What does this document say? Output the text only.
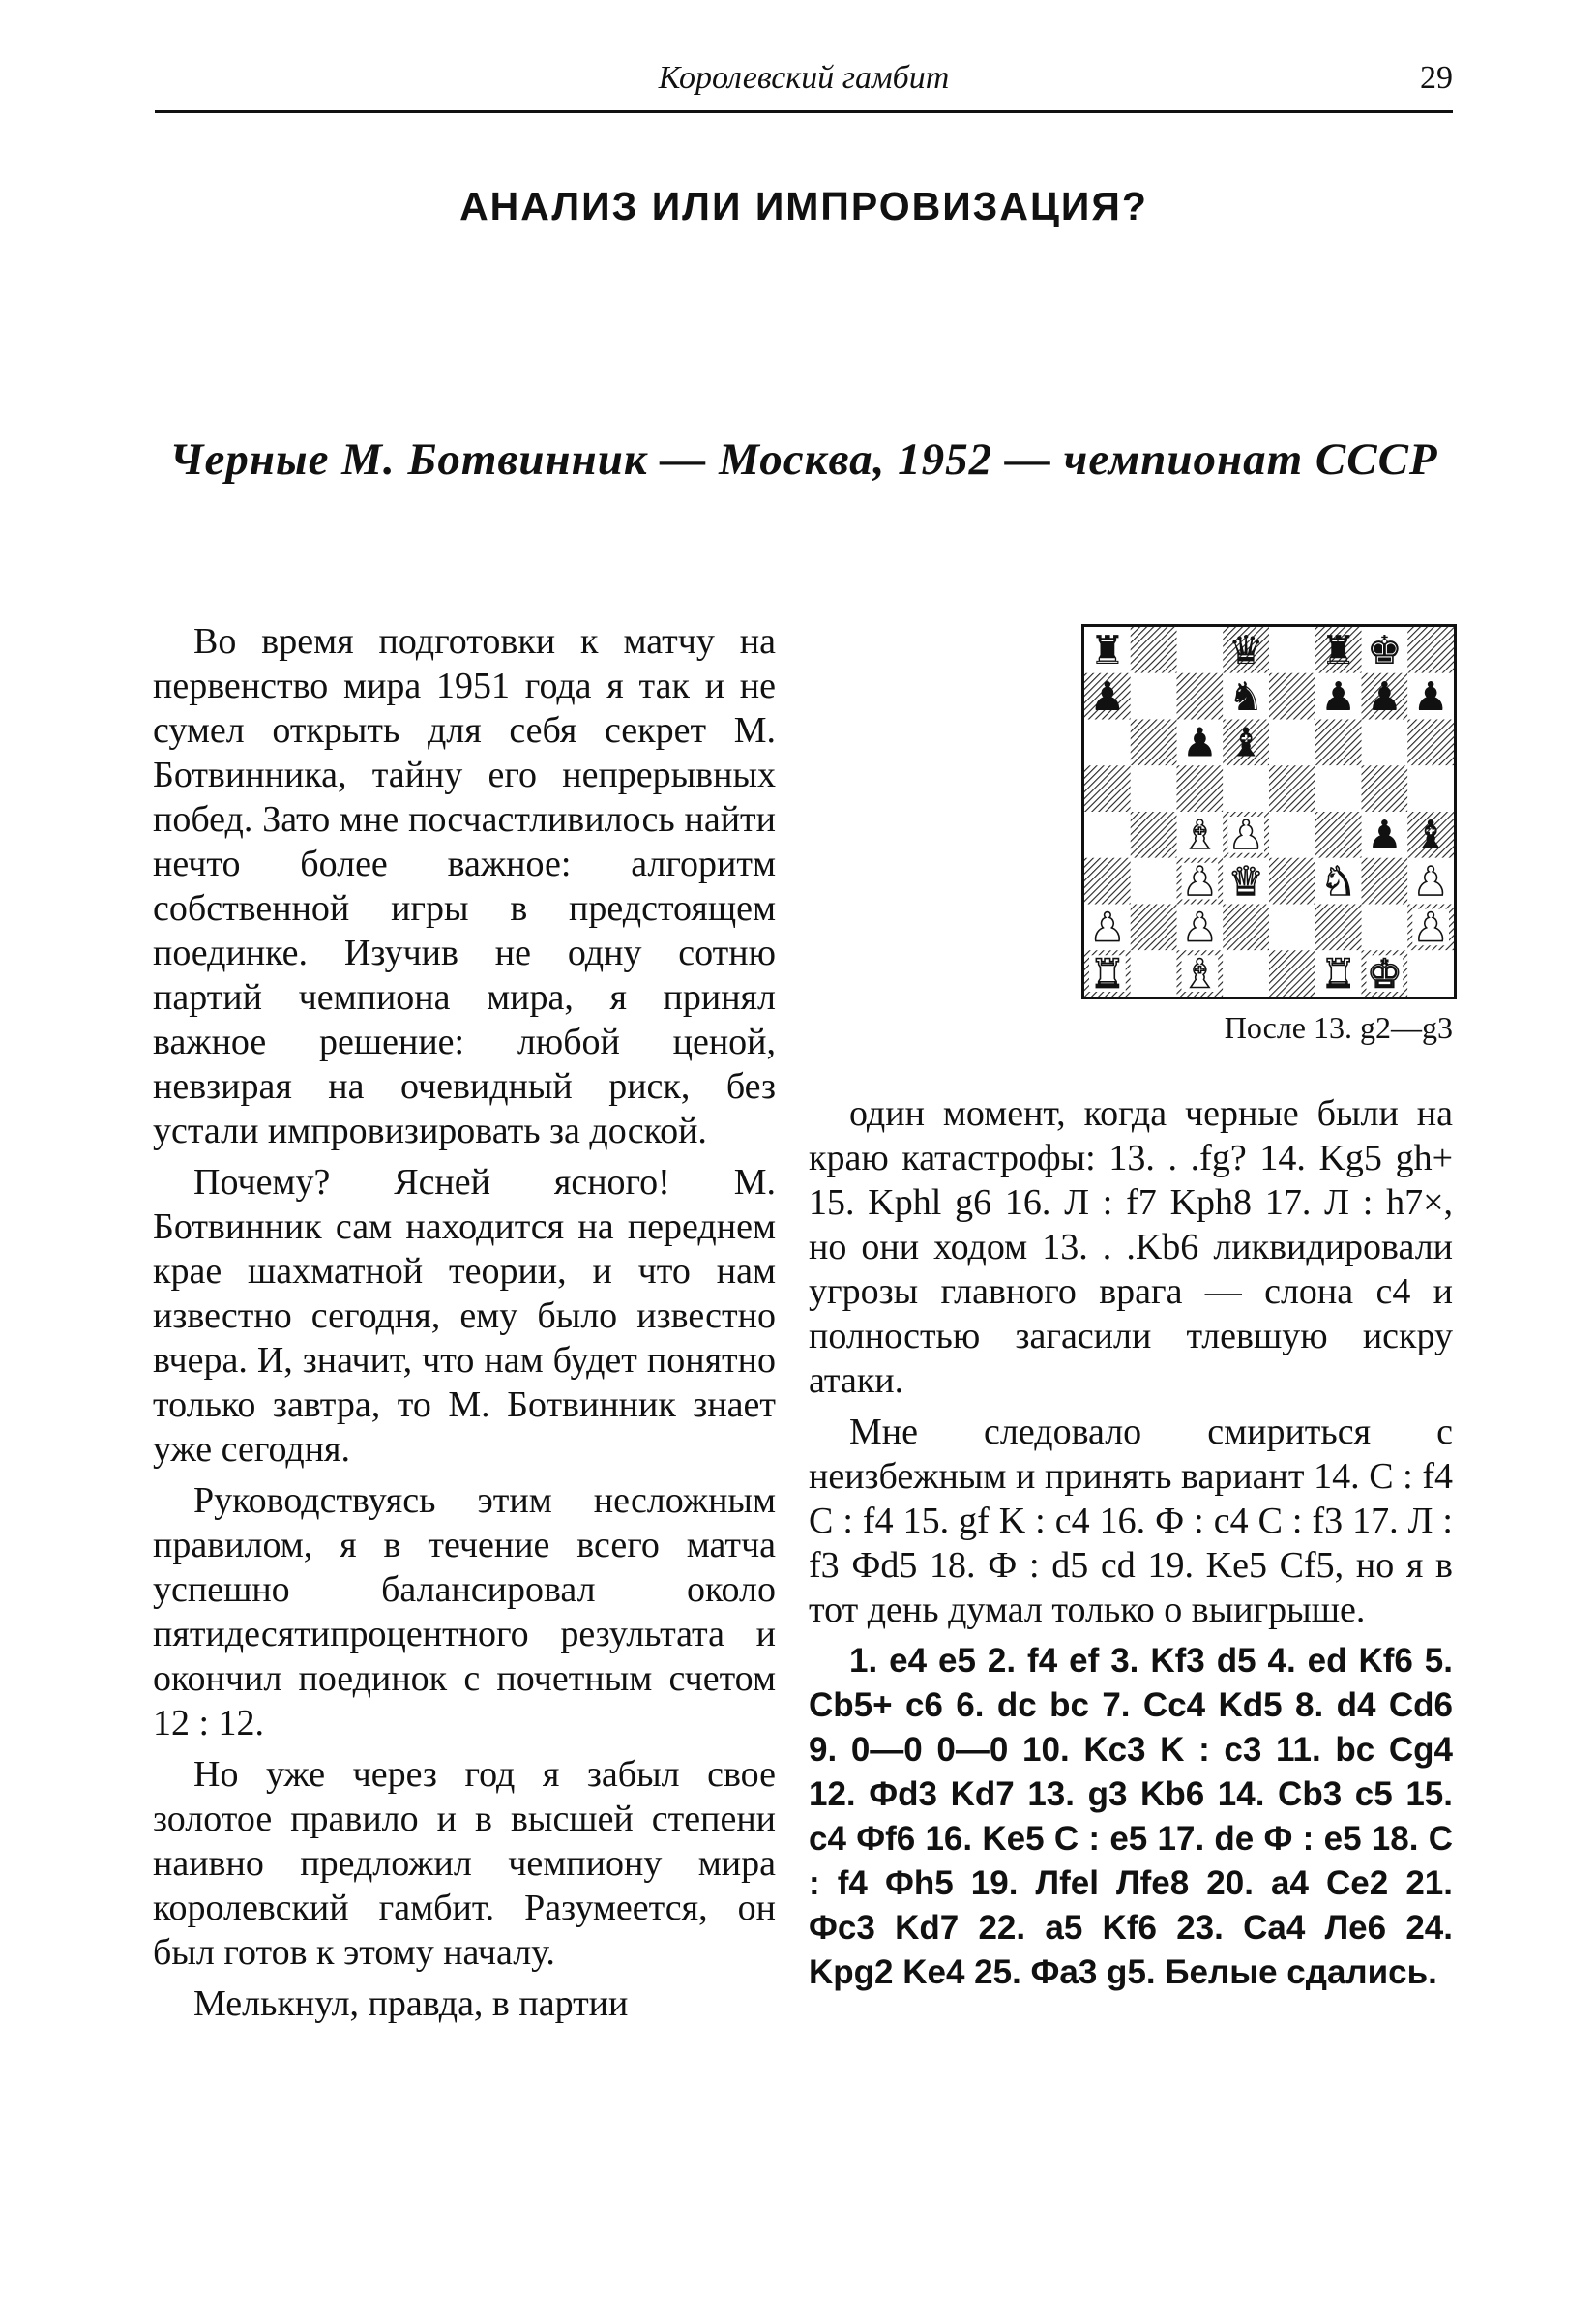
Королевский гамбит	29
АНАЛИЗ ИЛИ ИМПРОВИЗАЦИЯ?
Черные М. Ботвинник — Москва, 1952 — чемпионат СССР

Во время подготовки к матчу на первенство мира 1951 года я так и не сумел открыть для себя секрет М. Ботвинника, тайну его непрерывных побед. Зато мне посчастливилось найти нечто более важное: алгоритм собственной игры в предстоящем поединке. Изучив не одну сотню партий чемпиона мира, я принял важное решение: любой ценой, невзирая на очевидный риск, без устали импровизировать за доской.

Почему? Ясней ясного! М. Ботвинник сам находится на переднем крае шахматной теории, и что нам известно сегодня, ему было известно вчера. И, значит, что нам будет понятно только завтра, то М. Ботвинник знает уже сегодня.

Руководствуясь этим несложным правилом, я в течение всего матча успешно балансировал около пятидесятипроцентного результата и окончил поединок с почетным счетом 12 : 12.

Но уже через год я забыл свое золотое правило и в высшей степени наивно предложил чемпиону мира королевский гамбит. Разумеется, он был готов к этому началу.

Мелькнул, правда, в партии

♜	♛ ♜ ♚
♟	♞ ♟ ♟ ♟
♟ ♝
♝ ♟	♟ ♝
♟ ♛ ♞ ♟
♟ ♟	♟
♜ ♝	♜ ♚
После 13. g2—g3

один момент, когда черные были на краю катастрофы: 13. . .fg? 14. Kg5 gh+ 15. Kphl g6 16. Л : f7 Kph8 17. Л : h7×, но они ходом 13. . .Kb6 ликвидировали угрозы главного врага — слона c4 и полностью загасили тлевшую искру атаки.

Мне следовало смириться с неизбежным и принять вариант 14. С : f4 С : f4 15. gf K : c4 16. Ф : c4 С : f3 17. Л : f3 Фd5 18. Ф : d5 cd 19. Ke5 Cf5, но я в тот день думал только о выигрыше.

1. e4 e5 2. f4 ef 3. Kf3 d5 4. ed Kf6 5. Cb5+ c6 6. dc bc 7. Cc4 Kd5 8. d4 Cd6 9. 0—0 0—0 10. Kc3 K : c3 11. bc Cg4 12. Фd3 Kd7 13. g3 Kb6 14. Cb3 c5 15. c4 Фf6 16. Ke5 C : e5 17. de Ф : e5 18. C : f4 Фh5 19. Лfel Лfe8 20. a4 Ce2 21. Фc3 Kd7 22. a5 Kf6 23. Ca4 Лe6 24. Kpg2 Ke4 25. Фa3 g5. Белые сдались.
